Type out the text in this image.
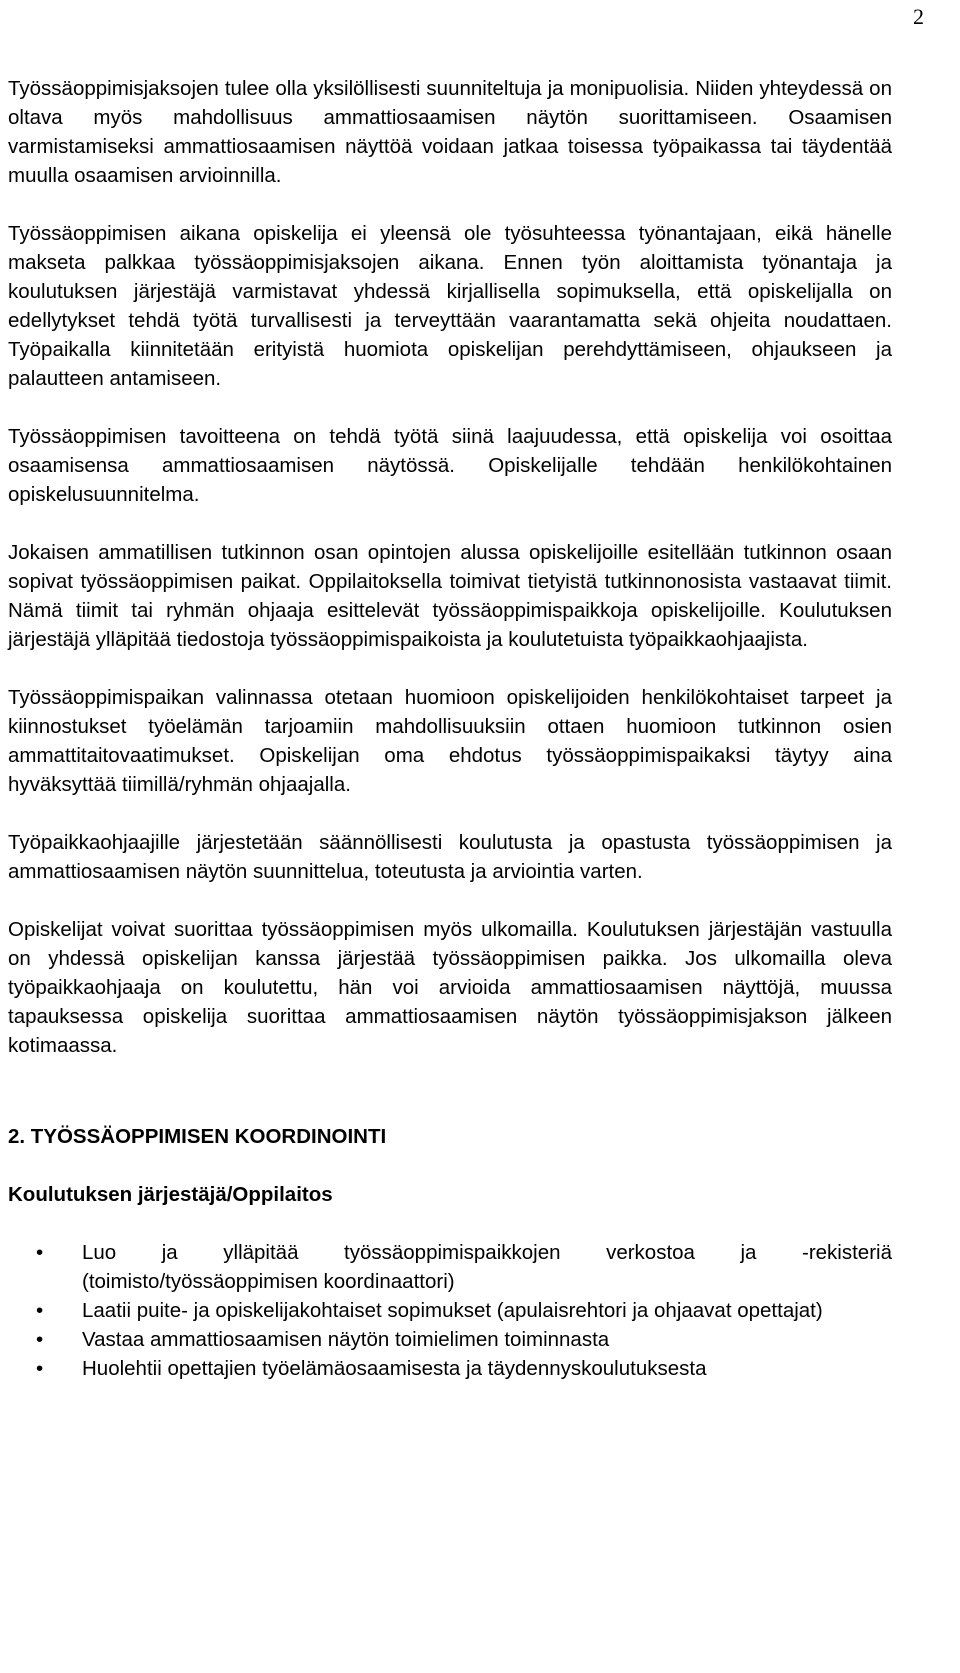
2

Työssäoppimisjaksojen tulee olla yksilöllisesti suunniteltuja ja monipuolisia. Niiden yhteydessä on oltava myös mahdollisuus ammattiosaamisen näytön suorittamiseen. Osaamisen varmistamiseksi ammattiosaamisen näyttöä voidaan jatkaa toisessa työpaikassa tai täydentää muulla osaamisen arvioinnilla.

Työssäoppimisen aikana opiskelija ei yleensä ole työsuhteessa työnantajaan, eikä hänelle makseta palkkaa työssäoppimisjaksojen aikana. Ennen työn aloittamista työnantaja ja koulutuksen järjestäjä varmistavat yhdessä kirjallisella sopimuksella, että opiskelijalla on edellytykset tehdä työtä turvallisesti ja terveyttään vaarantamatta sekä ohjeita noudattaen. Työpaikalla kiinnitetään erityistä huomiota opiskelijan perehdyttämiseen, ohjaukseen ja palautteen antamiseen.

Työssäoppimisen tavoitteena on tehdä työtä siinä laajuudessa, että opiskelija voi osoittaa osaamisensa ammattiosaamisen näytössä. Opiskelijalle tehdään henkilökohtainen opiskelusuunnitelma.

Jokaisen ammatillisen tutkinnon osan opintojen alussa opiskelijoille esitellään tutkinnon osaan sopivat työssäoppimisen paikat. Oppilaitoksella toimivat tietyistä tutkinnonosista vastaavat tiimit. Nämä tiimit tai ryhmän ohjaaja esittelevät työssäoppimispaikkoja opiskelijoille. Koulutuksen järjestäjä ylläpitää tiedostoja työssäoppimispaikoista ja koulutetuista työpaikkaohjaajista.

Työssäoppimispaikan valinnassa otetaan huomioon opiskelijoiden henkilökohtaiset tarpeet ja kiinnostukset työelämän tarjoamiin mahdollisuuksiin ottaen huomioon tutkinnon osien ammattitaitovaatimukset. Opiskelijan oma ehdotus työssäoppimispaikaksi täytyy aina hyväksyttää tiimillä/ryhmän ohjaajalla.

Työpaikkaohjaajille järjestetään säännöllisesti koulutusta ja opastusta työssäoppimisen ja ammattiosaamisen näytön suunnittelua, toteutusta ja arviointia varten.

Opiskelijat voivat suorittaa työssäoppimisen myös ulkomailla. Koulutuksen järjestäjän vastuulla on yhdessä opiskelijan kanssa järjestää työssäoppimisen paikka. Jos ulkomailla oleva työpaikkaohjaaja on koulutettu, hän voi arvioida ammattiosaamisen näyttöjä, muussa tapauksessa opiskelija suorittaa ammattiosaamisen näytön työssäoppimisjakson jälkeen kotimaassa.

2. TYÖSSÄOPPIMISEN KOORDINOINTI
Koulutuksen järjestäjä/Oppilaitos
• Luo ja ylläpitää työssäoppimispaikkojen verkostoa ja -rekisteriä (toimisto/työssäoppimisen koordinaattori)
• Laatii puite- ja opiskelijakohtaiset sopimukset (apulaisrehtori ja ohjaavat opettajat)
• Vastaa ammattiosaamisen näytön toimielimen toiminnasta
• Huolehtii opettajien työelämäosaamisesta ja täydennyskoulutuksesta
